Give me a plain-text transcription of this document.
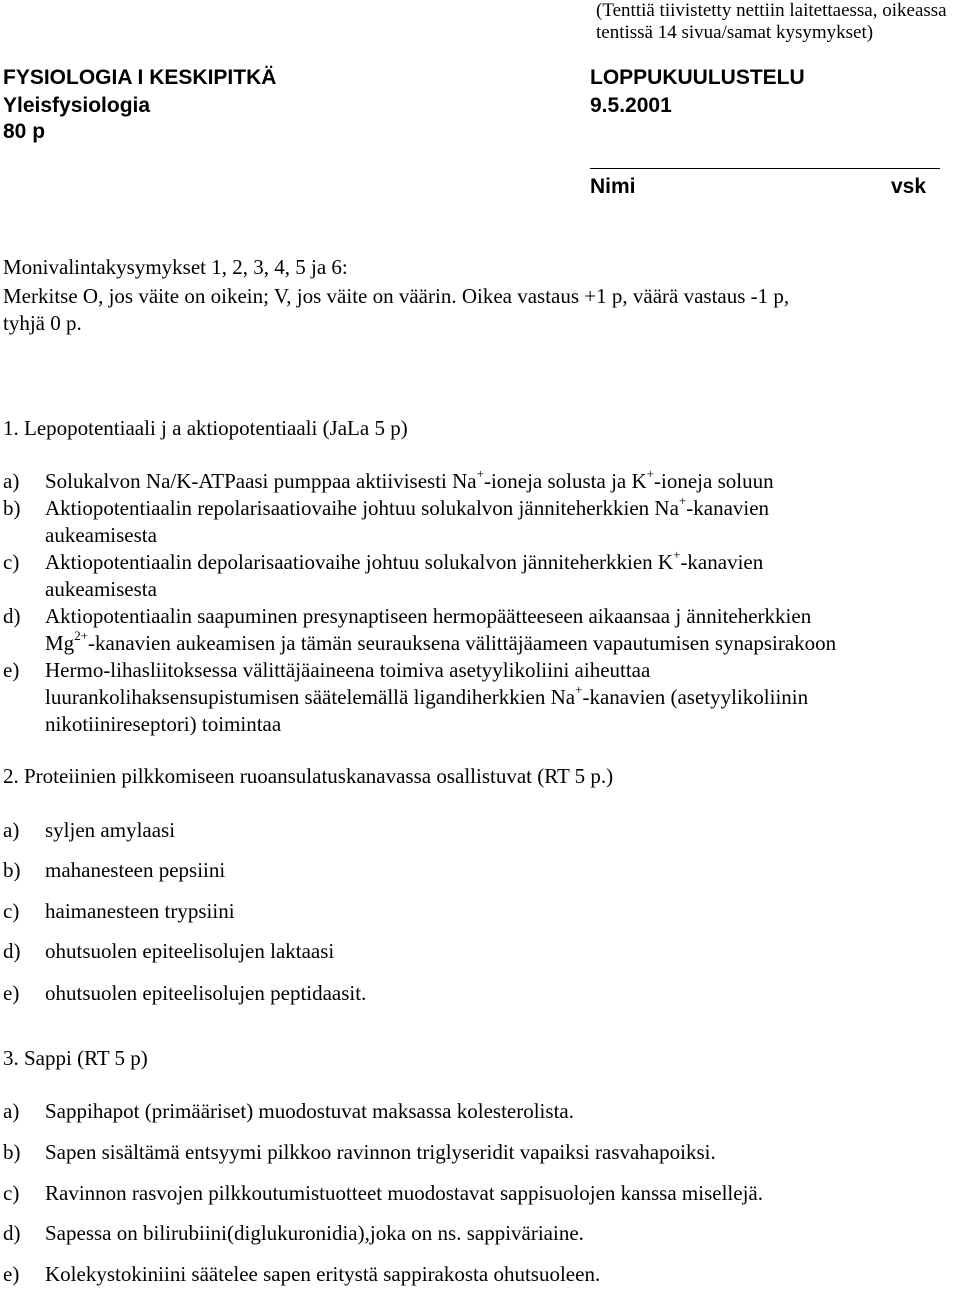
(Tenttiä tiivistetty nettiin laitettaessa, oikeassa
tentissä 14 sivua/samat kysymykset)
FYSIOLOGIA I KESKIPITKÄ	LOPPUKUULUSTELU
Yleisfysiologia	9.5.2001
80 p
Nimi	vsk
Monivalintakysymykset 1, 2, 3, 4, 5 ja 6:
Merkitse O, jos väite on oikein; V, jos väite on väärin. Oikea vastaus +1 p, väärä vastaus -1 p,
tyhjä 0 p.
1. Lepopotentiaali j a aktiopotentiaali (JaLa 5 p)
a) Solukalvon Na/K-ATPaasi pumppaa aktiivisesti Na+-ioneja solusta ja K+-ioneja soluun
b) Aktiopotentiaalin repolarisaatiovaihe johtuu solukalvon jänniteherkkien Na+-kanavien
aukeamisesta
c) Aktiopotentiaalin depolarisaatiovaihe johtuu solukalvon jänniteherkkien K+-kanavien
aukeamisesta
d) Aktiopotentiaalin saapuminen presynaptiseen hermopäätteeseen aikaansaa j änniteherkkien
$Mg^{2+}$-kanavien aukeamisen ja tämän seurauksena välittäjäameen vapautumisen synapsirakoon
e) Hermo-lihasliitoksessa välittäjäaineena toimiva asetyylikoliini aiheuttaa
luurankolihaksensupistumisen säätelemällä ligandiherkkien Na+-kanavien (asetyylikoliinin
nikotiinireseptori) toimintaa
2. Proteiinien pilkkomiseen ruoansulatuskanavassa osallistuvat (RT 5 p.)
a) syljen amylaasi
b) mahanesteen pepsiini
c) haimanesteen trypsiini
d) ohutsuolen epiteelisolujen laktaasi
e) ohutsuolen epiteelisolujen peptidaasit.
3. Sappi (RT 5 p)
a) Sappihapot (primääriset) muodostuvat maksassa kolesterolista.
b) Sapen sisältämä entsyymi pilkkoo ravinnon triglyseridit vapaiksi rasvahapoiksi.
c) Ravinnon rasvojen pilkkoutumistuotteet muodostavat sappisuolojen kanssa misellejä.
d) Sapessa on bilirubiini(diglukuronidia),joka on ns. sappiväriaine.
e) Kolekystokiniini säätelee sapen eritystä sappirakosta ohutsuoleen.
